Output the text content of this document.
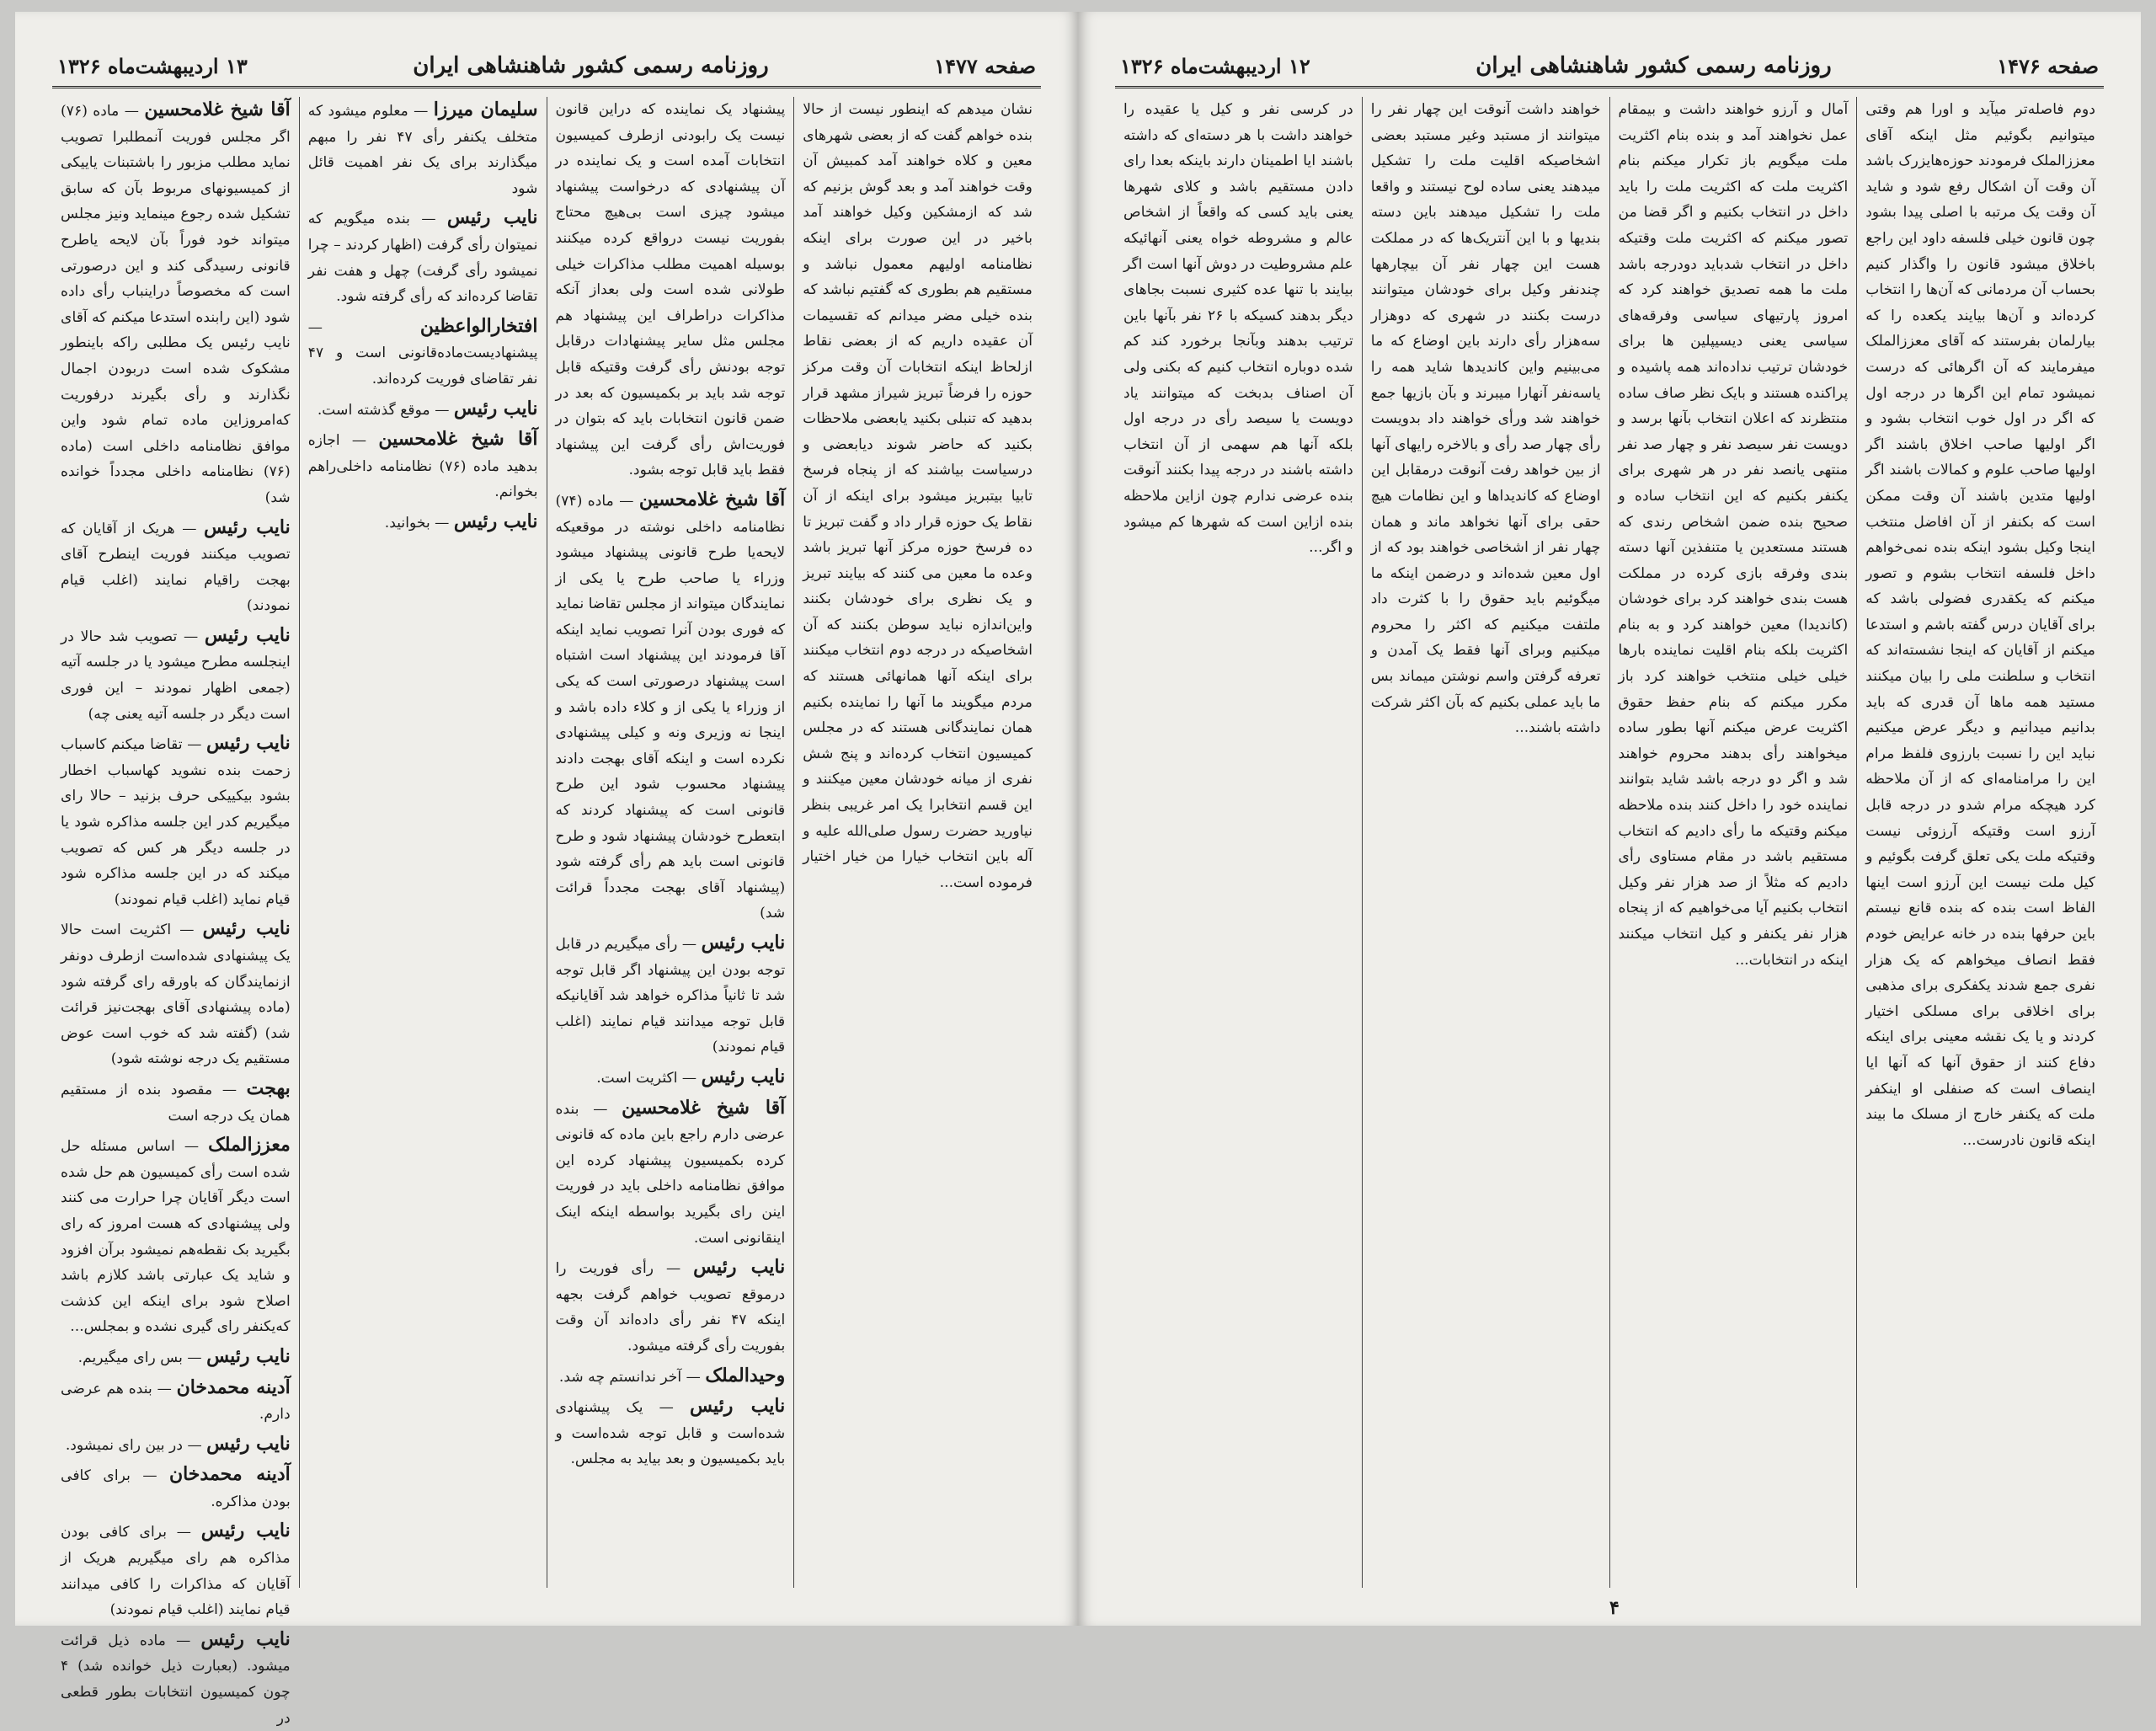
صفحه ۱۴۷۶
روزنامه رسمی کشور شاهنشاهی ایران
۱۲ اردیبهشت‌ماه ۱۳۲۶

دوم فاصله‌تر میآید و اورا هم وقتی میتوانیم بگوئیم مثل اینکه آقای معززالملک فرمودند حوزه‌هایزرک باشد آن وقت آن اشکال رفع شود و شاید آن وقت یک مرتبه با اصلی پیدا بشود چون قانون خیلی فلسفه داود این راجع باخلاق میشود قانون را واگذار کنیم بحساب آن مردمانی که آن‌ها را انتخاب کرده‌اند و آن‌ها بیایند یکعده را که بیارلمان بفرستند که آقای معززالملک میفرمایند که آن اگرهائی که درست نمیشود تمام این اگرها در درجه اول که اگر در اول خوب انتخاب بشود و اگر اولیها صاحب اخلاق باشند اگر اولیها صاحب علوم و کمالات باشند اگر اولیها متدین باشند آن وقت ممکن است که بکنفر از آن افاضل منتخب اینجا وکیل بشود اینکه بنده نمی‌خواهم داخل فلسفه انتخاب بشوم و تصور میکنم که یکقدری فضولی باشد که برای آقایان درس گفته باشم و استدعا میکنم از آقایان که اینجا نشسته‌اند که انتخاب و سلطنت ملی را بیان میکنند مستید همه ماها آن قدری که باید بدانیم میدانیم و دیگر عرض میکنیم نباید این را نسبت بارزوی فلفظ مرام این را مرامنامه‌ای که از آن ملاحظه کرد هیچکه مرام شدو در درجه قابل آرزو است وقتیکه آرزوئی نیست وقتیکه ملت یکی تعلق گرفت بگوئیم و کیل ملت نیست این آرزو است اینها الفاظ است بنده که بنده قانع نیستم باین حرفها بنده در خانه عرایض خودم فقط انصاف میخواهم که یک هزار نفری جمع شدند یکفکری برای مذهبی برای اخلاقی برای مسلکی اختیار کردند و یا یک نقشه معینی برای اینکه دفاع کنند از حقوق آنها که آنها ایا اینصاف است که صنفلی او اینکفر ملت که یکنفر خارج از مسلک ما بیند اینکه قانون نادرست...

آمال و آرزو خواهند داشت و بیمقام عمل نخواهند آمد و بنده بنام اکثریت ملت میگویم باز تکرار میکنم بنام اکثریت ملت که اکثریت ملت را باید داخل در انتخاب بکنیم و اگر قضا من تصور میکنم که اکثریت ملت وقتیکه داخل در انتخاب شدباید دودرجه باشد ملت ما همه تصدیق خواهند کرد که امروز پارتیهای سیاسی وفرقه‌های سیاسی یعنی دیسیپلین ها برای خودشان ترتیب نداده‌اند همه پاشیده و پراکنده هستند و بایک نظر صاف ساده منتظرند که اعلان انتخاب بآنها برسد و دویست نفر سیصد نفر و چهار صد نفر منتهی یانصد نفر در هر شهری برای یکنفر بکنیم که این انتخاب ساده و صحیح بنده ضمن اشخاص رندی که هستند مستعدین یا متنفذین آنها دسته بندی وفرقه بازی کرده در مملکت هست بندی خواهند کرد برای خودشان (کاندیدا) معین خواهند کرد و به بنام اکثریت بلکه بنام اقلیت نماینده بارها خیلی خیلی منتخب خواهند کرد باز مکرر میکنم که بنام حفظ حقوق اکثریت عرض میکنم آنها بطور ساده میخواهند رأی بدهند محروم خواهند شد و اگر دو درجه باشد شاید بتوانند نماینده خود را داخل کنند بنده ملاحظه میکنم وقتیکه ما رأی دادیم که انتخاب مستقیم باشد در مقام مستاوی رأی دادیم که مثلاً از صد هزار نفر وکیل انتخاب بکنیم آیا می‌خواهیم که از پنجاه هزار نفر یکنفر و کیل انتخاب میکنند اینکه در انتخابات...

خواهند داشت آنوقت این چهار نفر را میتوانند از مستبد وغیر مستبد بعضی اشخاصیکه اقلیت ملت را تشکیل میدهند یعنی ساده لوح نیستند و واقعا ملت را تشکیل میدهند باین دسته بندیها و با این آنتریک‌ها که در مملکت هست این چهار نفر آن بیچارهها چندنفر وکیل برای خودشان میتوانند درست بکنند در شهری که دوهزار سه‌هزار رأی دارند باین اوضاع که ما می‌بینیم واین کاندیدها شاید همه را یاسه‌نفر آنهارا میبرند و بآن بازیها جمع خواهند شد ورأی خواهند داد بدویست رأی چهار صد رأی و بالاخره رایهای آنها از بین خواهد رفت آنوقت درمقابل این اوضاع که کاندیداها و این نظامات هیچ حقی برای آنها نخواهد ماند و همان چهار نفر از اشخاصی خواهند بود که از اول معین شده‌اند و درضمن اینکه ما میگوئیم باید حقوق را با کثرت داد ملتفت میکنیم که اکثر را محروم میکنیم وبرای آنها فقط یک آمدن و تعرفه گرفتن واسم نوشتن میماند بس ما باید عملی بکنیم که بآن اکثر شرکت داشته باشند...

در کرسی نفر و کیل یا عقیده را خواهند داشت با هر دسته‌ای که داشته باشند ایا اطمینان دارند باینکه بعدا رای دادن مستقیم باشد و کلای شهرها یعنی باید کسی که واقعاً از اشخاص عالم و مشروطه خواه یعنی آنهائیکه علم مشروطیت در دوش آنها است اگر بیایند با تنها عده کثیری نسبت بجاهای دیگر بدهند کسیکه با ۲۶ نفر بآنها باین ترتیب بدهند وبآنجا برخورد کند کم شده دوباره انتخاب کنیم که بکنی ولی آن اصناف بدبخت که میتوانند یاد دویست یا سیصد رأی در درجه اول بلکه آنها هم سهمی از آن انتخاب داشته باشند در درجه پیدا بکنند آنوقت بنده عرضی ندارم چون ازاین ملاحظه بنده ازاین است که شهرها کم میشود و اگر...

۴
صفحه ۱۴۷۷
روزنامه رسمی کشور شاهنشاهی ایران
۱۳ اردیبهشت‌ماه ۱۳۲۶

نشان میدهم که اینطور نیست از حالا بنده خواهم گفت که از بعضی شهرهای معین و کلاه خواهند آمد کمبیش آن وقت خواهند آمد و بعد گوش بزنیم که شد که ازمشکین وکیل خواهند آمد باخیر در این صورت برای اینکه نظامنامه اولیهم معمول نباشد و مستقیم هم بطوری که گفتیم نباشد که بنده خیلی مضر میدانم که تقسیمات آن عقیده داریم که از بعضی نقاط ازلحاظ اینکه انتخابات آن وقت مرکز حوزه را فرضاً تبریز شیراز مشهد قرار بدهید که تنبلی بکنید یابعضی ملاحظات بکنید که حاضر شوند دیابعضی و درسیاست بیاشند که از پنجاه فرسخ تابیا بیتبریز میشود برای اینکه از آن نقاط یک حوزه قرار داد و گفت تبریز تا ده فرسخ حوزه مرکز آنها تبریز باشد وعده ما معین می کنند که بیایند تبریز و یک نظری برای خودشان بکنند واین‌اندازه نباید سوطن بکنند که آن اشخاصیکه در درجه دوم انتخاب میکنند برای اینکه آنها همانهائی هستند که مردم میگویند ما آنها را نماینده بکنیم همان نمایندگانی هستند که در مجلس کمیسیون انتخاب کرده‌اند و پنج شش نفری از میانه خودشان معین میکنند و این قسم انتخابرا یک امر غریبی بنظر نیاورید حضرت رسول صلی‌الله علیه و آله باین انتخاب خیارا من خیار اختیار فرموده است...

پیشنهاد یک نماینده که دراین قانون نیست یک رابودنی ازطرف کمیسیون انتخابات آمده است و یک نماینده در آن پیشنهادی که درخواست پیشنهاد میشود چیزی است بی‌هیچ محتاج بفوریت نیست درواقع کرده میکنند بوسیله اهمیت مطلب مذاکرات خیلی طولانی شده است ولی بعداز آنکه مذاکرات دراطراف این پیشنهاد هم مجلس مثل سایر پیشنهادات درقابل توجه بودنش رأی گرفت وقتیکه قابل توجه شد باید بر بکمیسیون که بعد در ضمن قانون انتخابات باید که بتوان در فوریت‌اش رأی گرفت این پیشنهاد فقط باید قابل توجه بشود.

آقا شیخ غلامحسین — ماده (۷۴) نظامنامه داخلی نوشته در موقعیکه لایحه‌یا طرح قانونی پیشنهاد میشود وزراء یا صاحب طرح یا یکی از نمایندگان میتواند از مجلس تقاضا نماید که فوری بودن آنرا تصویب نماید اینکه آقا فرمودند این پیشنهاد است اشتباه است پیشنهاد درصورتی است که یکی از وزراء یا یکی از و کلاء داده باشد و اینجا نه وزیری ونه و کیلی پیشنهادی نکرده است و اینکه آقای بهجت دادند پیشنهاد محسوب شود این طرح قانونی است که پیشنهاد کردند که ابتعطرح خودشان پیشنهاد شود و طرح قانونی است باید هم رأی گرفته شود (پیشنهاد آقای بهجت مجدداً قرائت شد)

نایب رئیس — رأی میگیریم در قابل توجه بودن این پیشنهاد اگر قابل توجه شد تا ثانیاً مذاکره خواهد شد آقایانیکه قابل توجه میدانند قیام نمایند (اغلب قیام نمودند)

نایب رئیس — اکثریت است.

آقا شیخ غلامحسین — بنده عرضی دارم راجع باین ماده که قانونی کرده بکمیسیون پیشنهاد کرده این موافق نظامنامه داخلی باید در فوریت اینن رای بگیرید بواسطه اینکه اینک اینقانونی است.

نایب رئیس — رأی فوریت را درموقع تصویب خواهم گرفت بجهه اینکه ۴۷ نفر رأی داده‌اند آن وقت بفوریت رأی گرفته میشود.

وحیدالملک — آخر ندانستم چه شد.

نایب رئیس — یک پیشنهادی شده‌است و قابل توجه شده‌است و باید بکمیسیون و بعد بیاید به مجلس.

سلیمان میرزا — معلوم میشود که متخلف یکنفر رأی ۴۷ نفر را مبهم میگذارند برای یک نفر اهمیت قائل شود

نایب رئیس — بنده میگویم که نمیتوان رأی گرفت (اظهار کردند – چرا نمیشود رأی گرفت) چهل و هفت نفر تقاضا کرده‌اند که رأی گرفته شود.

افتخارالواعظین — پیشنهادیست‌ماده‌قانونی است و ۴۷ نفر تقاضای فوریت کرده‌اند.

نایب رئیس — موقع گذشته است.

آقا شیخ غلامحسین — اجازه بدهید ماده (۷۶) نظامنامه داخلی‌راهم بخوانم.

نایب رئیس — بخوانید.

آقا شیخ غلامحسین — ماده (۷۶) اگر مجلس فوریت آنمطلبرا تصویب نماید مطلب مزبور را باشتبنات یاییکی از کمیسیونهای مربوط بآن که سابق تشکیل شده رجوع مینماید ونیز مجلس میتواند خود فوراً بآن لایحه یاطرح قانونی رسیدگی کند و این درصورتی است که مخصوصاً دراینباب رأی داده شود (این رابنده استدعا میکنم که آقای نایب رئیس یک مطلبی راکه باینطور مشکوک شده است دربودن اجمال نگذارند و رأی بگیرند درفوریت که‌امروزاین ماده تمام شود واین موافق نظامنامه داخلی است (ماده (۷۶) نظامنامه داخلی مجدداً خوانده شد)

نایب رئیس — هریک از آقایان که تصویب میکنند فوریت اینطرح آقای بهجت راقیام نمایند (اغلب قیام نمودند)

نایب رئیس — تصویب شد حالا در اینجلسه مطرح میشود یا در جلسه آتیه (جمعی اظهار نمودند – این فوری است دیگر در جلسه آتیه یعنی چه)

نایب رئیس — تقاضا میکنم کاسباب زحمت بنده نشوید کهاسباب اخطار بشود بیکییکی حرف بزنید – حالا رای میگیریم کدر این جلسه مذاکره شود یا در جلسه دیگر هر کس که تصویب میکند که در این جلسه مذاکره شود قیام نماید (اغلب قیام نمودند)

نایب رئیس — اکثریت است حالا یک پیشنهادی شده‌است ازطرف دونفر ازنمایندگان که باورقه رای گرفته شود (ماده پیشنهادی آقای بهجت‌نیز قرائت شد) (گفته شد که خوب است عوض مستقیم یک درجه نوشته شود)

بهجت — مقصود بنده از مستقیم همان یک درجه است

معززالملک — اساس مسئله حل شده است رأی کمیسیون هم حل شده است دیگر آقایان چرا حرارت می کنند ولی پیشنهادی که هست امروز که رای بگیرید بک نقطه‌هم نمیشود برآن افزود و شاید یک عبارتی باشد کلازم باشد اصلاح شود برای اینکه این کذشت که‌یکنفر رای گیری نشده و بمجلس...

نایب رئیس — بس رای میگیریم.

آدینه محمدخان — بنده هم عرضی دارم.

نایب رئیس — در بین رای نمیشود.

آدینه محمدخان — برای کافی بودن مذاکره.

نایب رئیس — برای کافی بودن مذاکره هم رای میگیریم هریک از آقایان که مذاکرات را کافی میدانند قیام نمایند (اغلب قیام نمودند)

نایب رئیس — ماده ذیل قرائت میشود. (بعبارت ذیل خوانده شد) ۴ چون کمیسیون انتخابات بطور قطعی در
